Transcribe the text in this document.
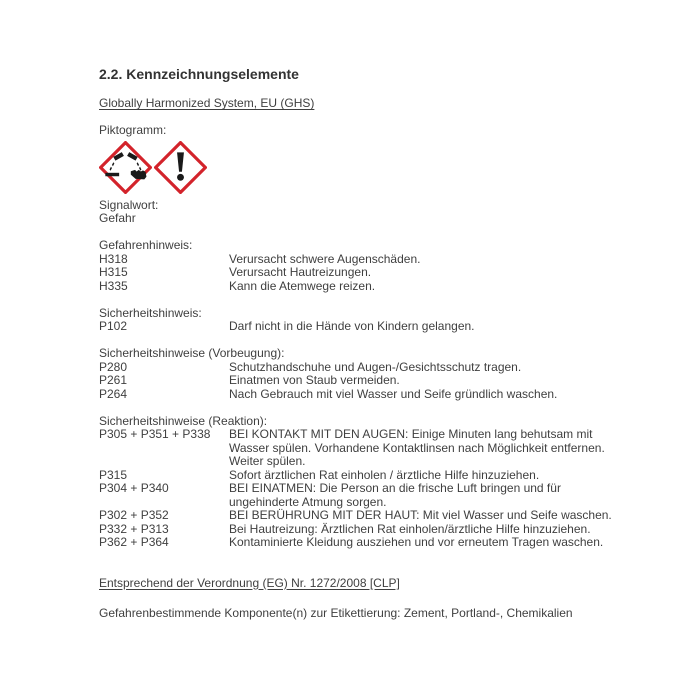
2.2. Kennzeichnungselemente
Globally Harmonized System, EU (GHS)
Piktogramm:
Signalwort:
Gefahr
Gefahrenhinweis:
H318	Verursacht schwere Augenschäden.
H315	Verursacht Hautreizungen.
H335	Kann die Atemwege reizen.
Sicherheitshinweis:
P102	Darf nicht in die Hände von Kindern gelangen.
Sicherheitshinweise (Vorbeugung):
P280	Schutzhandschuhe und Augen-/Gesichtsschutz tragen.
P261	Einatmen von Staub vermeiden.
P264	Nach Gebrauch mit viel Wasser und Seife gründlich waschen.
Sicherheitshinweise (Reaktion):
P305 + P351 + P338	BEI KONTAKT MIT DEN AUGEN: Einige Minuten lang behutsam mit Wasser spülen. Vorhandene Kontaktlinsen nach Möglichkeit entfernen. Weiter spülen.
P315	Sofort ärztlichen Rat einholen / ärztliche Hilfe hinzuziehen.
P304 + P340	BEI EINATMEN: Die Person an die frische Luft bringen und für ungehinderte Atmung sorgen.
P302 + P352	BEI BERÜHRUNG MIT DER HAUT: Mit viel Wasser und Seife waschen.
P332 + P313	Bei Hautreizung: Ärztlichen Rat einholen/ärztliche Hilfe hinzuziehen.
P362 + P364	Kontaminierte Kleidung ausziehen und vor erneutem Tragen waschen.
Entsprechend der Verordnung (EG) Nr. 1272/2008 [CLP]
Gefahrenbestimmende Komponente(n) zur Etikettierung: Zement, Portland-, Chemikalien
